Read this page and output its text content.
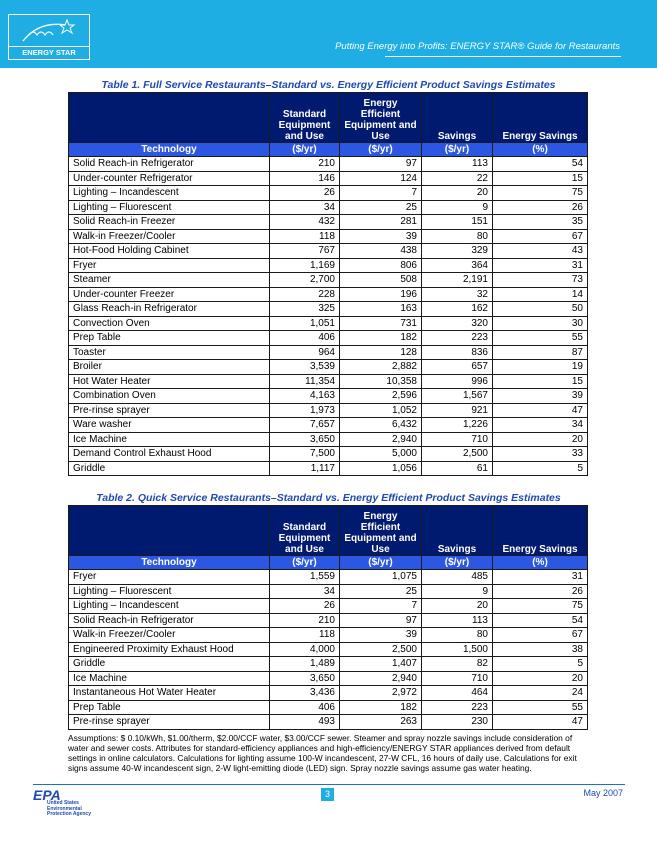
ENERGY STAR
Putting Energy into Profits: ENERGY STAR® Guide for Restaurants
Table 1. Full Service Restaurants–Standard vs. Energy Efficient Product Savings Estimates
	Standard Equipment and Use	Energy Efficient Equipment and Use	Savings	Energy Savings
Technology	($/yr)	($/yr)	($/yr)	(%)
Solid Reach-in Refrigerator	210	97	113	54
Under-counter Refrigerator	146	124	22	15
Lighting – Incandescent	26	7	20	75
Lighting – Fluorescent	34	25	9	26
Solid Reach-in Freezer	432	281	151	35
Walk-in Freezer/Cooler	118	39	80	67
Hot-Food Holding Cabinet	767	438	329	43
Fryer	1,169	806	364	31
Steamer	2,700	508	2,191	73
Under-counter Freezer	228	196	32	14
Glass Reach-in Refrigerator	325	163	162	50
Convection Oven	1,051	731	320	30
Prep Table	406	182	223	55
Toaster	964	128	836	87
Broiler	3,539	2,882	657	19
Hot Water Heater	11,354	10,358	996	15
Combination Oven	4,163	2,596	1,567	39
Pre-rinse sprayer	1,973	1,052	921	47
Ware washer	7,657	6,432	1,226	34
Ice Machine	3,650	2,940	710	20
Demand Control Exhaust Hood	7,500	5,000	2,500	33
Griddle	1,117	1,056	61	5
Table 2. Quick Service Restaurants–Standard vs. Energy Efficient Product Savings Estimates
	Standard Equipment and Use	Energy Efficient Equipment and Use	Savings	Energy Savings
Technology	($/yr)	($/yr)	($/yr)	(%)
Fryer	1,559	1,075	485	31
Lighting – Fluorescent	34	25	9	26
Lighting – Incandescent	26	7	20	75
Solid Reach-in Refrigerator	210	97	113	54
Walk-in Freezer/Cooler	118	39	80	67
Engineered Proximity Exhaust Hood	4,000	2,500	1,500	38
Griddle	1,489	1,407	82	5
Ice Machine	3,650	2,940	710	20
Instantaneous Hot Water Heater	3,436	2,972	464	24
Prep Table	406	182	223	55
Pre-rinse sprayer	493	263	230	47
Assumptions: $ 0.10/kWh, $1.00/therm, $2.00/CCF water, $3.00/CCF sewer. Steamer and spray nozzle savings include consideration of water and sewer costs. Attributes for standard-efficiency appliances and high-efficiency/ENERGY STAR appliances derived from default settings in online calculators. Calculations for lighting assume 100-W incandescent, 27-W CFL, 16 hours of daily use. Calculations for exit signs assume 40-W incandescent sign, 2-W light-emitting diode (LED) sign. Spray nozzle savings assume gas water heating.
EPA
United States Environmental Protection Agency
3	May 2007
